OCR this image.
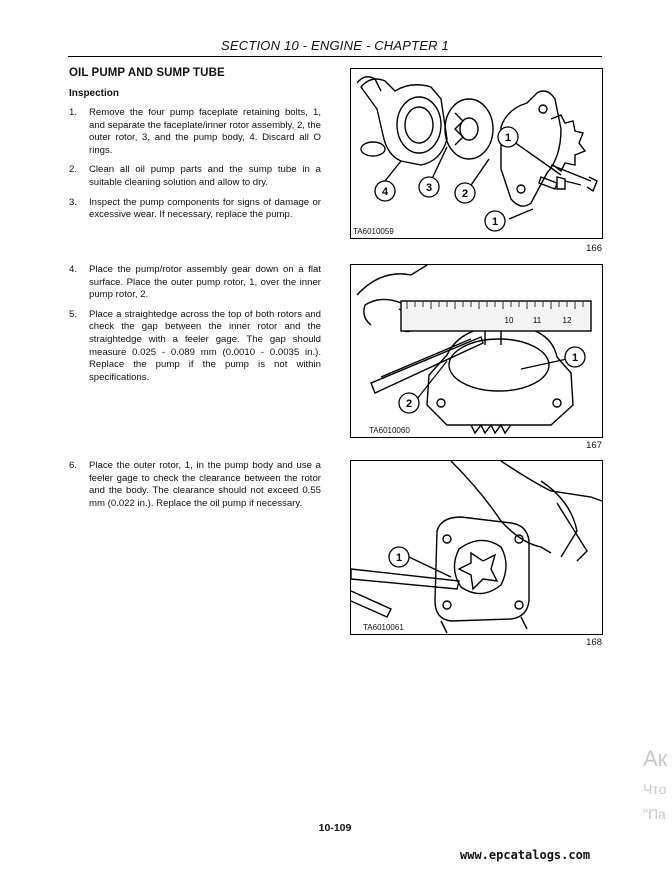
SECTION 10 - ENGINE - CHAPTER 1
OIL PUMP AND SUMP TUBE
Inspection
1.	Remove the four pump faceplate retaining bolts, 1, and separate the faceplate/inner rotor assembly, 2, the outer rotor, 3, and the pump body, 4. Discard all O rings.
2.	Clean all oil pump parts and the sump tube in a suitable cleaning solution and allow to dry.
3.	Inspect the pump components for signs of damage or excessive wear. If necessary, replace the pump.
4.	Place the pump/rotor assembly gear down on a flat surface. Place the outer pump rotor, 1, over the inner pump rotor, 2.
5.	Place a straightedge across the top of both rotors and check the gap between the inner rotor and the straightedge with a feeler gage. The gap should measure 0.025 - 0.089 mm (0.0010 - 0.0035 in.). Replace the pump if the pump is not within specifications.
6.	Place the outer rotor, 1, in the pump body and use a feeler gage to check the clearance between the rotor and the body. The clearance should not exceed 0.55 mm (0.022 in.). Replace the oil pump if necessary.
1
1
2
3
4
TA6010059
166
10 11	12
1
2
TA6010060
167
1
TA6010061
168
10-109
www.epcatalogs.com
Ак
Что
"Па
